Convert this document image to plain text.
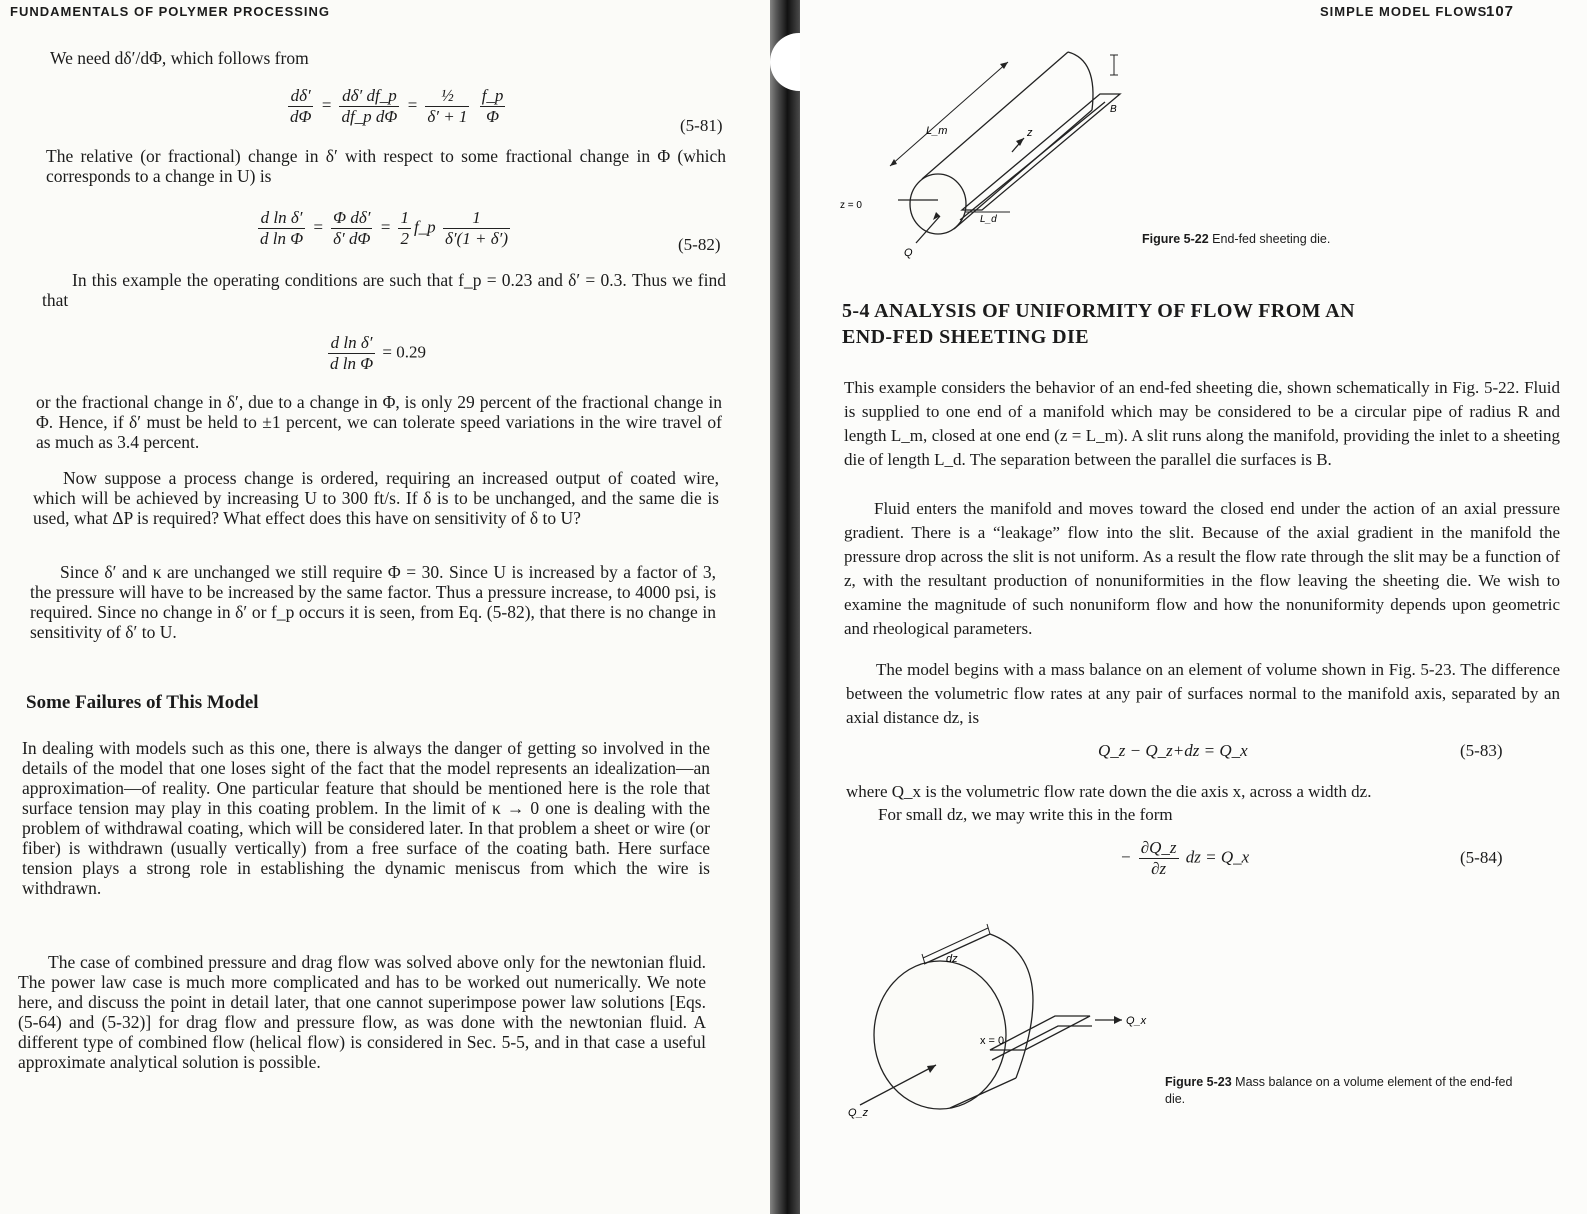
FUNDAMENTALS OF POLYMER PROCESSING
We need dδ′/dΦ, which follows from
$\frac{d\delta'}{d\Phi} = \frac{d\delta' df\_p}{\text{df\_p dΦ}} = \frac{\text{½}}{\delta' + 1}$
$\frac{f\_p}{\Phi}$	(5-81)
The relative (or fractional) change in δ′ with respect to some fractional change in Φ (which corresponds to a change in U) is
$\frac{\text{d ln δ′}}{\text{d ln Φ}} = \frac{\text{Φ dδ′}}{\delta' d\Phi} = \frac{1}{2}$ f_p $\frac{1}{\delta'(1 + \delta')}$	(5-82)
In this example the operating conditions are such that f_p = 0.23 and δ′ = 0.3. Thus we find that
$\frac{\text{d ln δ′}}{\text{d ln Φ}} = 0.29$
or the fractional change in δ′, due to a change in Φ, is only 29 percent of the fractional change in Φ. Hence, if δ′ must be held to ±1 percent, we can tolerate speed variations in the wire travel of as much as 3.4 percent.
Now suppose a process change is ordered, requiring an increased output of coated wire, which will be achieved by increasing U to 300 ft/s. If δ is to be unchanged, and the same die is used, what ΔP is required? What effect does this have on sensitivity of δ to U?
Since δ′ and κ are unchanged we still require Φ = 30. Since U is increased by a factor of 3, the pressure will have to be increased by the same factor. Thus a pressure increase, to 4000 psi, is required. Since no change in δ′ or f_p occurs it is seen, from Eq. (5-82), that there is no change in sensitivity of δ′ to U.
Some Failures of This Model
In dealing with models such as this one, there is always the danger of getting so involved in the details of the model that one loses sight of the fact that the model represents an idealization—an approximation—of reality. One particular feature that should be mentioned here is the role that surface tension may play in this coating problem. In the limit of κ → 0 one is dealing with the problem of withdrawal coating, which will be considered later. In that problem a sheet or wire (or fiber) is withdrawn (usually vertically) from a free surface of the coating bath. Here surface tension plays a strong role in establishing the dynamic meniscus from which the wire is withdrawn.
The case of combined pressure and drag flow was solved above only for the newtonian fluid. The power law case is much more complicated and has to be worked out numerically. We note here, and discuss the point in detail later, that one cannot superimpose power law solutions [Eqs. (5-64) and (5-32)] for drag flow and pressure flow, as was done with the newtonian fluid. A different type of combined flow (helical flow) is considered in Sec. 5-5, and in that case a useful approximate analytical solution is possible.
SIMPLE MODEL FLOWS
107
B
L_m	z
z = 0
L_d
Q
Figure 5-22 End-fed sheeting die.
5-4 ANALYSIS OF UNIFORMITY OF FLOW FROM AN END-FED SHEETING DIE
This example considers the behavior of an end-fed sheeting die, shown schematically in Fig. 5-22. Fluid is supplied to one end of a manifold which may be considered to be a circular pipe of radius R and length L_m, closed at one end (z = L_m). A slit runs along the manifold, providing the inlet to a sheeting die of length L_d. The separation between the parallel die surfaces is B.
Fluid enters the manifold and moves toward the closed end under the action of an axial pressure gradient. There is a “leakage” flow into the slit. Because of the axial gradient in the manifold the pressure drop across the slit is not uniform. As a result the flow rate through the slit may be a function of z, with the resultant production of nonuniformities in the flow leaving the sheeting die. We wish to examine the magnitude of such nonuniform flow and how the nonuniformity depends upon geometric and rheological parameters.
The model begins with a mass balance on an element of volume shown in Fig. 5-23. The difference between the volumetric flow rates at any pair of surfaces normal to the manifold axis, separated by an axial distance dz, is
Q_z − Q_z+dz = Q_x	(5-83)
where Q_x is the volumetric flow rate down the die axis x, across a width dz.
For small dz, we may write this in the form
− $\frac{\partial Q\_z}{\partial z}$ dz = Q_x	(5-84)
dz
x = 0
Q_x
Q_z
Figure 5-23 Mass balance on a volume element of the end-fed die.
